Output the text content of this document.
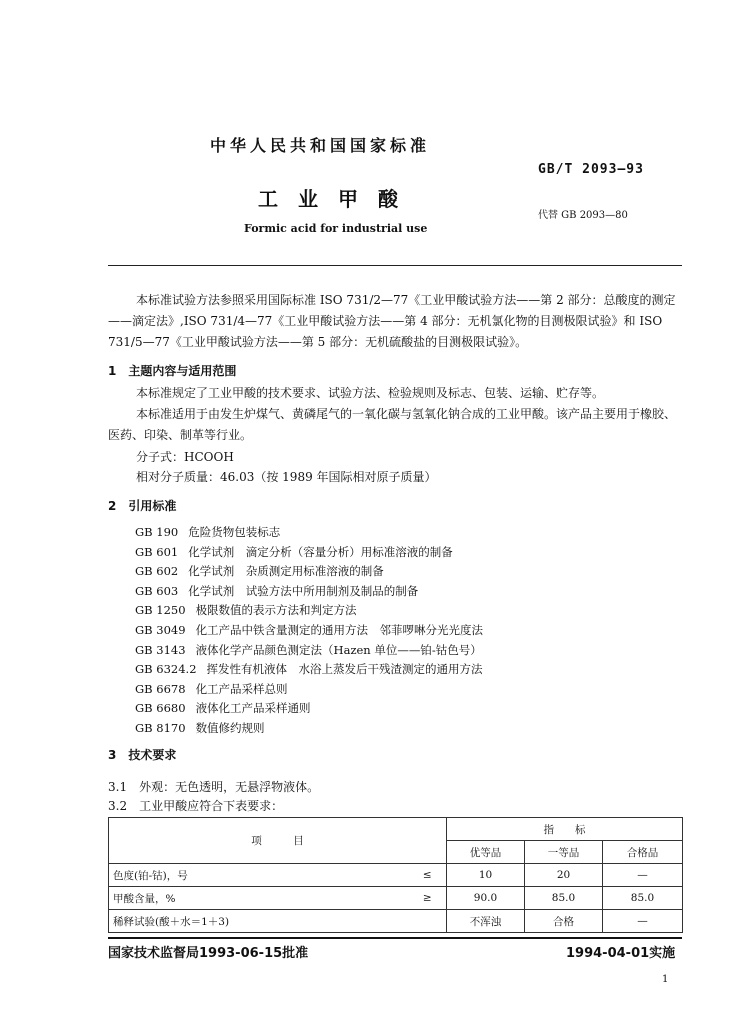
中华人民共和国国家标准
GB/T 2093—93
工业甲酸
代替 GB 2093—80
Formic acid for industrial use
本标准试验方法参照采用国际标准 ISO 731/2—77《工业甲酸试验方法——第 2 部分：总酸度的测定——滴定法》,ISO 731/4—77《工业甲酸试验方法——第 4 部分：无机氯化物的目测极限试验》和 ISO 731/5—77《工业甲酸试验方法——第 5 部分：无机硫酸盐的目测极限试验》。
1　主题内容与适用范围
本标准规定了工业甲酸的技术要求、试验方法、检验规则及标志、包装、运输、贮存等。
本标准适用于由发生炉煤气、黄磷尾气的一氧化碳与氢氧化钠合成的工业甲酸。该产品主要用于橡胶、医药、印染、制革等行业。
分子式：HCOOH
相对分子质量：46.03（按 1989 年国际相对原子质量）
2　引用标准
GB 190 危险货物包装标志
GB 601 化学试剂　滴定分析（容量分析）用标准溶液的制备
GB 602 化学试剂　杂质测定用标准溶液的制备
GB 603 化学试剂　试验方法中所用制剂及制品的制备
GB 1250 极限数值的表示方法和判定方法
GB 3049 化工产品中铁含量测定的通用方法　邻菲啰啉分光光度法
GB 3143 液体化学产品颜色测定法（Hazen 单位——铂-钴色号）
GB 6324.2 挥发性有机液体　水浴上蒸发后干残渣测定的通用方法
GB 6678 化工产品采样总则
GB 6680 液体化工产品采样通则
GB 8170 数值修约规则
3　技术要求
3.1　外观：无色透明，无悬浮物液体。
3.2　工业甲酸应符合下表要求：
项　　　目		指　　标		
		优等品	一等品	合格品
色度(铂-钴)，号	≤	10	20	—
甲酸含量，%	≥	90.0	85.0	85.0
稀释试验(酸＋水＝1＋3)		不浑浊	合格	—
国家技术监督局1993-06-15批准	1994-04-01实施
1
